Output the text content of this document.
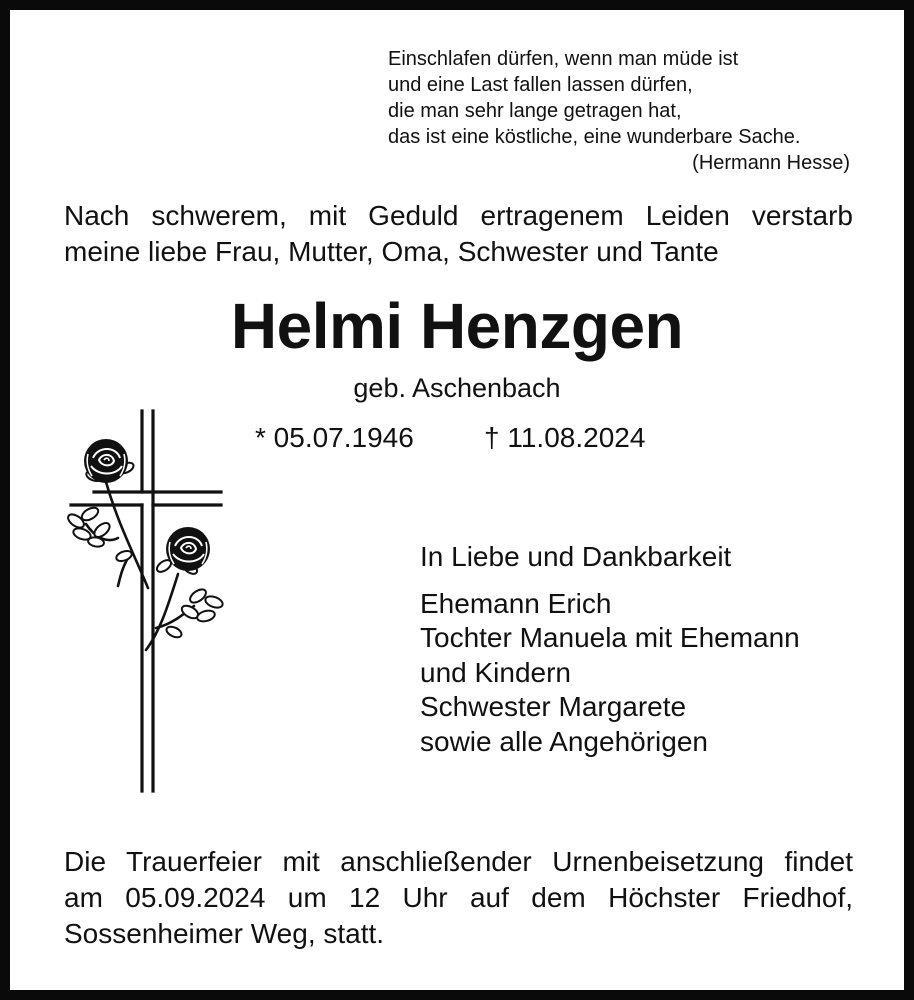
Einschlafen dürfen, wenn man müde ist
und eine Last fallen lassen dürfen,
die man sehr lange getragen hat,
das ist eine köstliche, eine wunderbare Sache.
(Hermann Hesse)
Nach schwerem, mit Geduld ertragenem Leiden verstarb
meine liebe Frau, Mutter, Oma, Schwester und Tante
Helmi Henzgen
geb. Aschenbach
* 05.07.1946	† 11.08.2024
In Liebe und Dankbarkeit
Ehemann Erich
Tochter Manuela mit Ehemann
und Kindern
Schwester Margarete
sowie alle Angehörigen
Die Trauerfeier mit anschließender Urnenbeisetzung findet
am 05.09.2024 um 12 Uhr auf dem Höchster Friedhof,
Sossenheimer Weg, statt.
